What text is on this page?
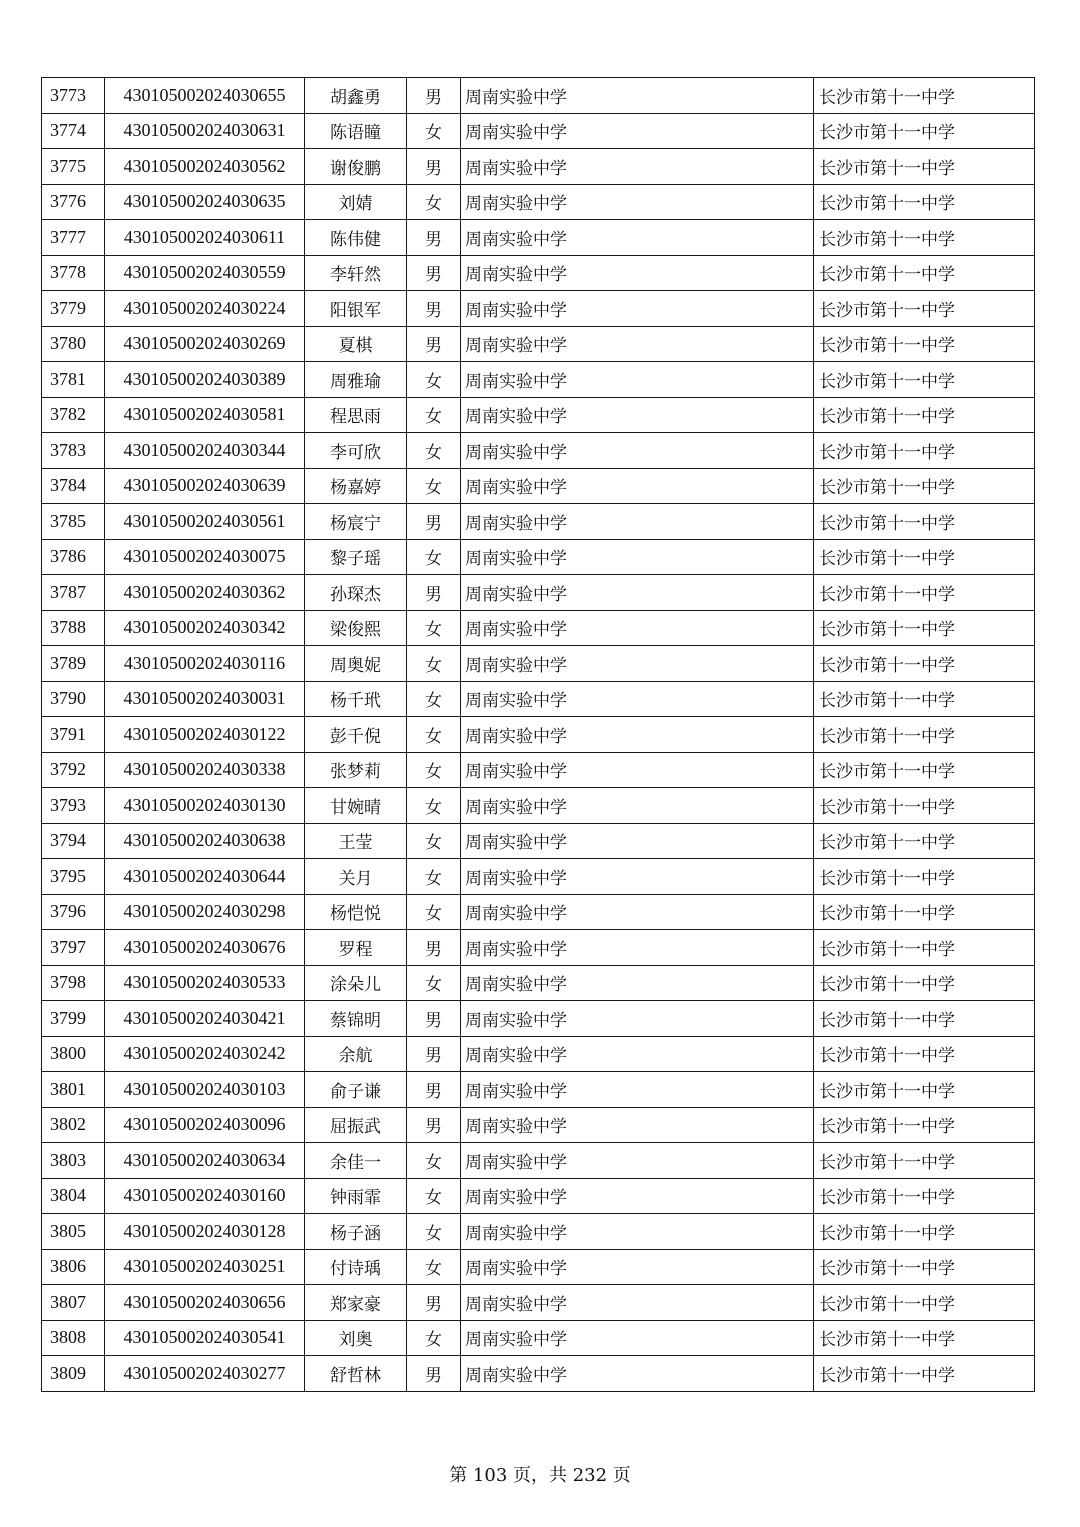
3773	430105002024030655	胡鑫勇	男	周南实验中学	长沙市第十一中学
3774	430105002024030631	陈语瞳	女	周南实验中学	长沙市第十一中学
3775	430105002024030562	谢俊鹏	男	周南实验中学	长沙市第十一中学
3776	430105002024030635	刘婧	女	周南实验中学	长沙市第十一中学
3777	430105002024030611	陈伟健	男	周南实验中学	长沙市第十一中学
3778	430105002024030559	李轩然	男	周南实验中学	长沙市第十一中学
3779	430105002024030224	阳银军	男	周南实验中学	长沙市第十一中学
3780	430105002024030269	夏棋	男	周南实验中学	长沙市第十一中学
3781	430105002024030389	周雅瑜	女	周南实验中学	长沙市第十一中学
3782	430105002024030581	程思雨	女	周南实验中学	长沙市第十一中学
3783	430105002024030344	李可欣	女	周南实验中学	长沙市第十一中学
3784	430105002024030639	杨嘉婷	女	周南实验中学	长沙市第十一中学
3785	430105002024030561	杨宸宁	男	周南实验中学	长沙市第十一中学
3786	430105002024030075	黎子瑶	女	周南实验中学	长沙市第十一中学
3787	430105002024030362	孙琛杰	男	周南实验中学	长沙市第十一中学
3788	430105002024030342	梁俊熙	女	周南实验中学	长沙市第十一中学
3789	430105002024030116	周奥妮	女	周南实验中学	长沙市第十一中学
3790	430105002024030031	杨千玳	女	周南实验中学	长沙市第十一中学
3791	430105002024030122	彭千倪	女	周南实验中学	长沙市第十一中学
3792	430105002024030338	张梦莉	女	周南实验中学	长沙市第十一中学
3793	430105002024030130	甘婉晴	女	周南实验中学	长沙市第十一中学
3794	430105002024030638	王莹	女	周南实验中学	长沙市第十一中学
3795	430105002024030644	关月	女	周南实验中学	长沙市第十一中学
3796	430105002024030298	杨恺悦	女	周南实验中学	长沙市第十一中学
3797	430105002024030676	罗程	男	周南实验中学	长沙市第十一中学
3798	430105002024030533	涂朵儿	女	周南实验中学	长沙市第十一中学
3799	430105002024030421	蔡锦明	男	周南实验中学	长沙市第十一中学
3800	430105002024030242	余航	男	周南实验中学	长沙市第十一中学
3801	430105002024030103	俞子谦	男	周南实验中学	长沙市第十一中学
3802	430105002024030096	屈振武	男	周南实验中学	长沙市第十一中学
3803	430105002024030634	余佳一	女	周南实验中学	长沙市第十一中学
3804	430105002024030160	钟雨霏	女	周南实验中学	长沙市第十一中学
3805	430105002024030128	杨子涵	女	周南实验中学	长沙市第十一中学
3806	430105002024030251	付诗瑀	女	周南实验中学	长沙市第十一中学
3807	430105002024030656	郑家豪	男	周南实验中学	长沙市第十一中学
3808	430105002024030541	刘奥	女	周南实验中学	长沙市第十一中学
3809	430105002024030277	舒哲林	男	周南实验中学	长沙市第十一中学
第 103 页，共 232 页
